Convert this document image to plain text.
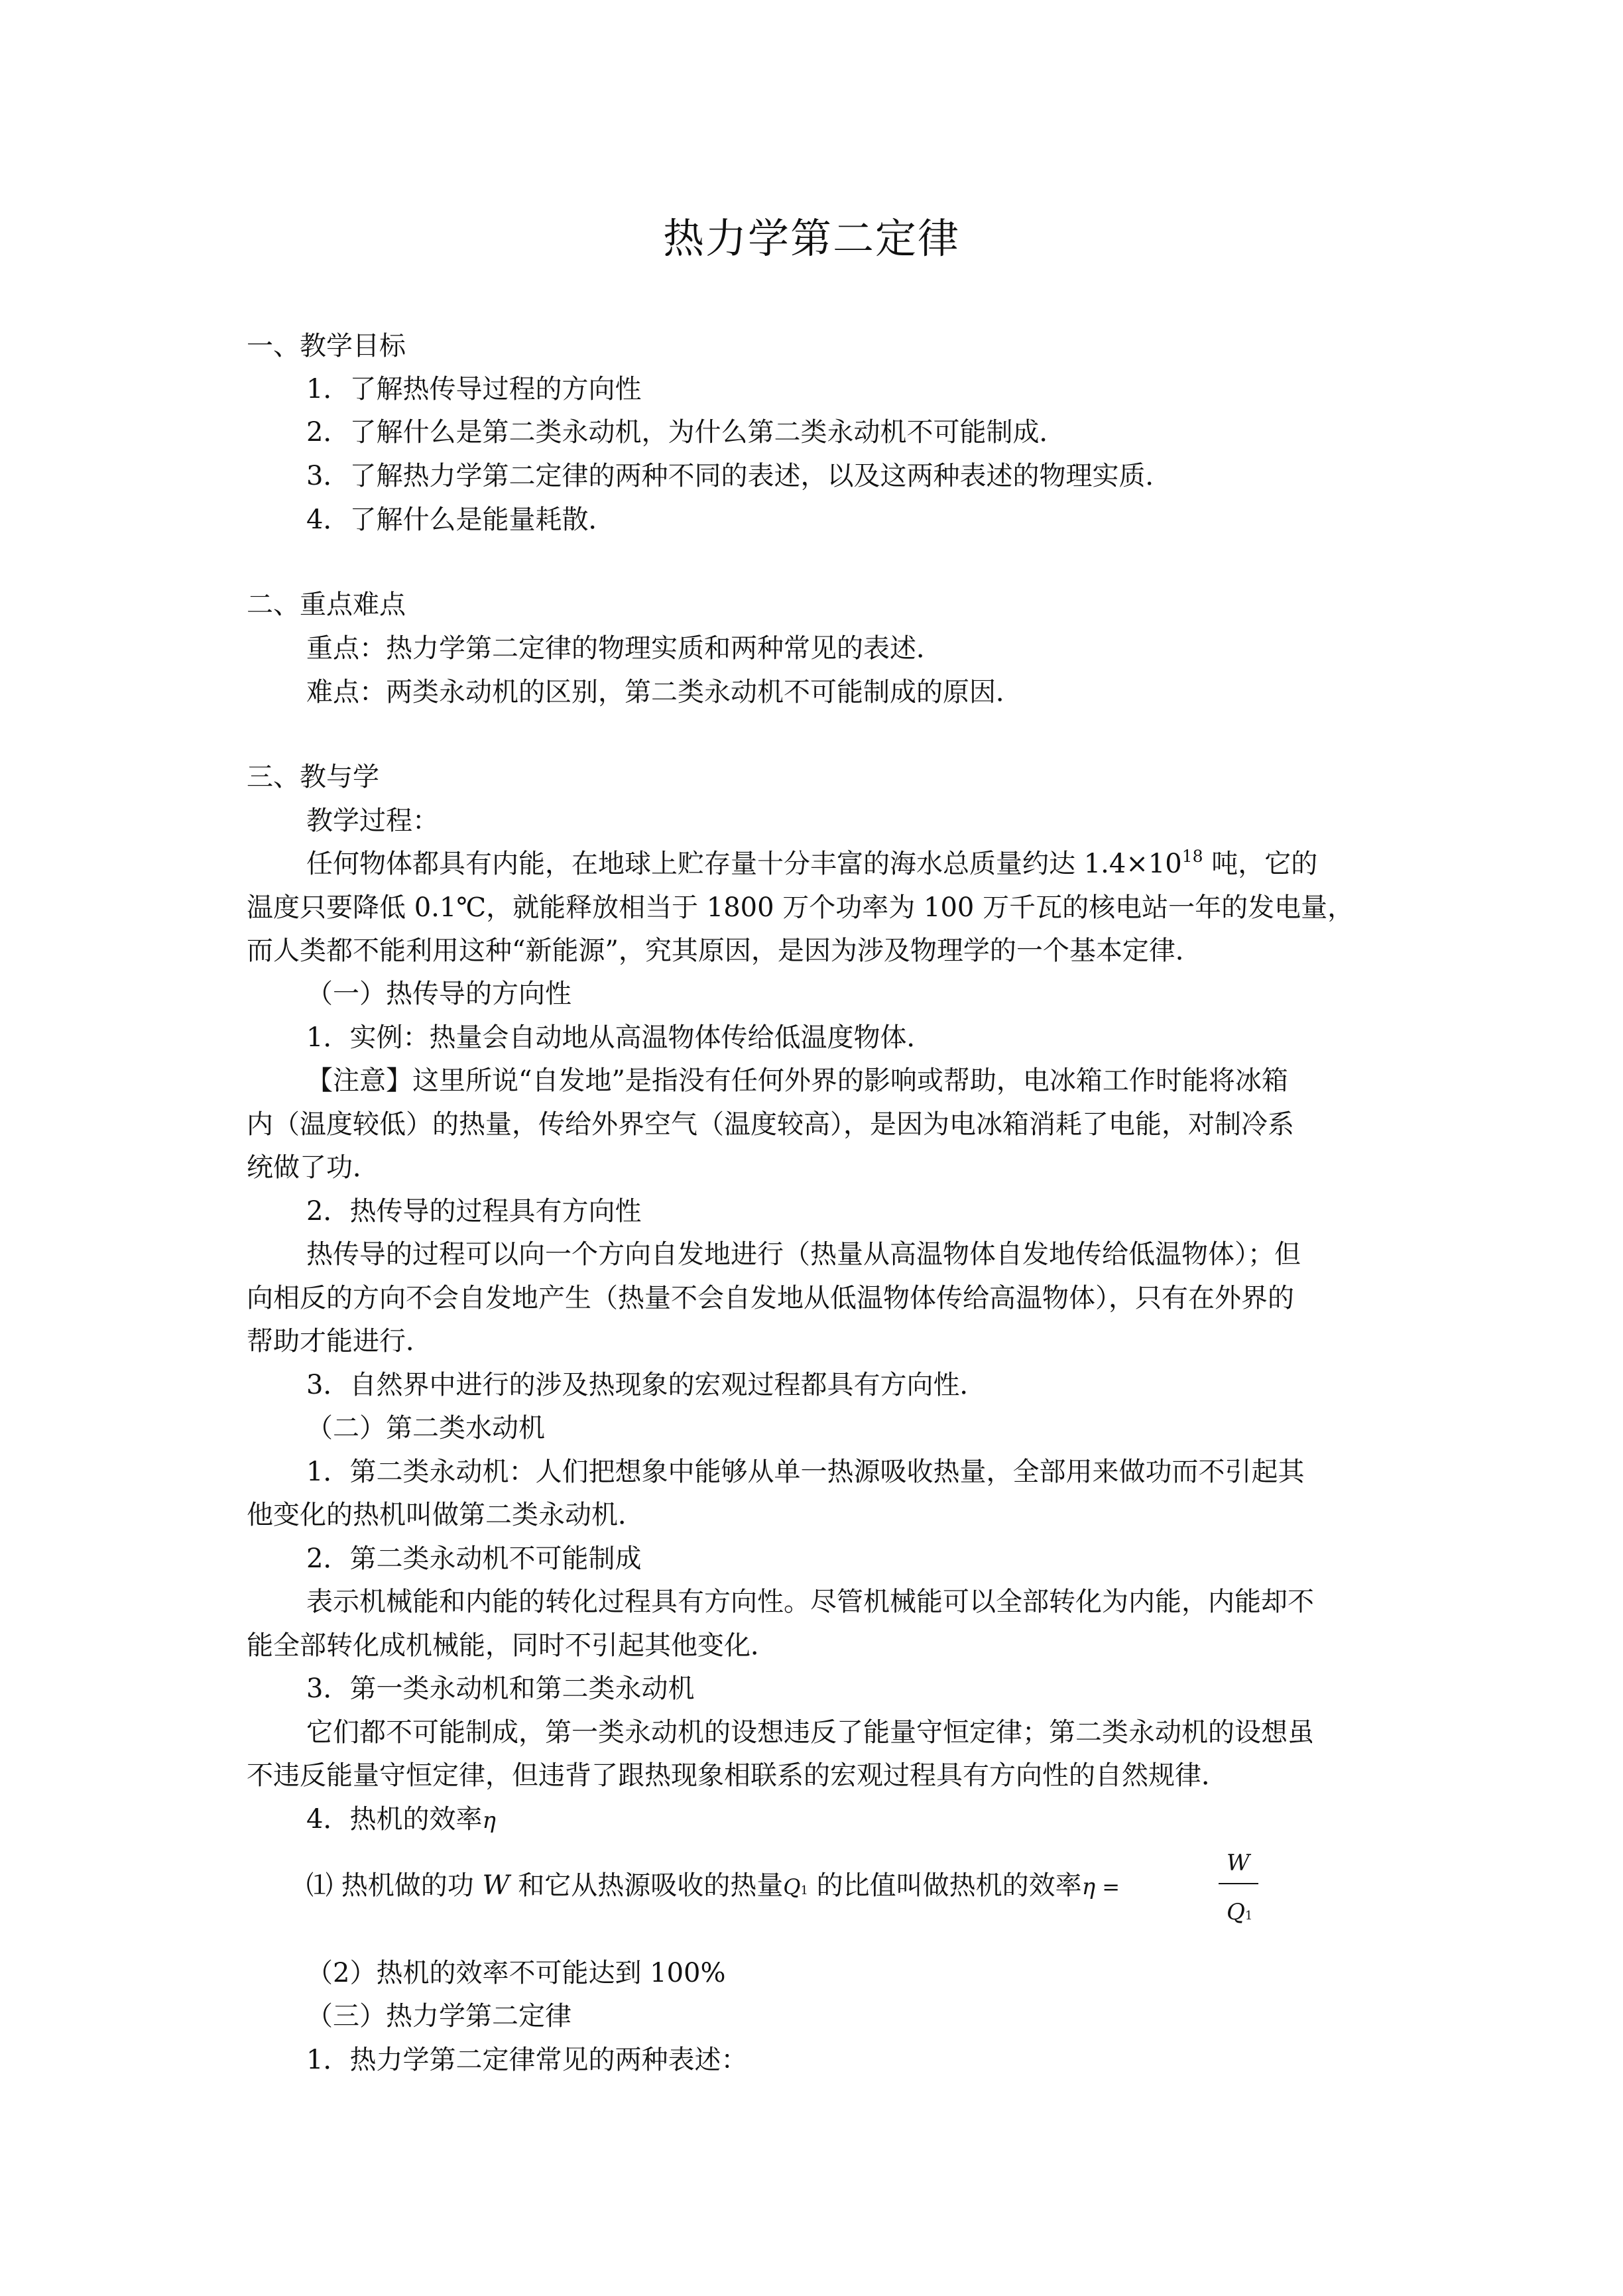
热力学第二定律
一、教学目标
1．了解热传导过程的方向性
2．了解什么是第二类永动机，为什么第二类永动机不可能制成．
3．了解热力学第二定律的两种不同的表述，以及这两种表述的物理实质．
4．了解什么是能量耗散．
二、重点难点
重点：热力学第二定律的物理实质和两种常见的表述．
难点：两类永动机的区别，第二类永动机不可能制成的原因．
三、教与学
教学过程：
任何物体都具有内能，在地球上贮存量十分丰富的海水总质量约达 $1.4\times 10^{18}$ 吨，它的
温度只要降低 0.1℃，就能释放相当于 1800 万个功率为 100 万千瓦的核电站一年的发电量，
而人类都不能利用这种“新能源”，究其原因，是因为涉及物理学的一个基本定律．
（一）热传导的方向性
1．实例：热量会自动地从高温物体传给低温度物体．
【注意】这里所说“自发地”是指没有任何外界的影响或帮助，电冰箱工作时能将冰箱
内（温度较低）的热量，传给外界空气（温度较高），是因为电冰箱消耗了电能，对制冷系
统做了功．
2．热传导的过程具有方向性
热传导的过程可以向一个方向自发地进行（热量从高温物体自发地传给低温物体）；但
向相反的方向不会自发地产生（热量不会自发地从低温物体传给高温物体），只有在外界的
帮助才能进行．
3．自然界中进行的涉及热现象的宏观过程都具有方向性．
（二）第二类水动机
1．第二类永动机：人们把想象中能够从单一热源吸收热量，全部用来做功而不引起其
他变化的热机叫做第二类永动机．
2．第二类永动机不可能制成
表示机械能和内能的转化过程具有方向性。尽管机械能可以全部转化为内能，内能却不
能全部转化成机械能，同时不引起其他变化．
3．第一类永动机和第二类永动机
它们都不可能制成，第一类永动机的设想违反了能量守恒定律；第二类永动机的设想虽
不违反能量守恒定律，但违背了跟热现象相联系的宏观过程具有方向性的自然规律．
4．热机的效率η
⑴ 热机做的功 W 和它从热源吸收的热量Q1 的比值叫做热机的效率η =
W
Q1
（2）热机的效率不可能达到 100%
（三）热力学第二定律
1．热力学第二定律常见的两种表述：
